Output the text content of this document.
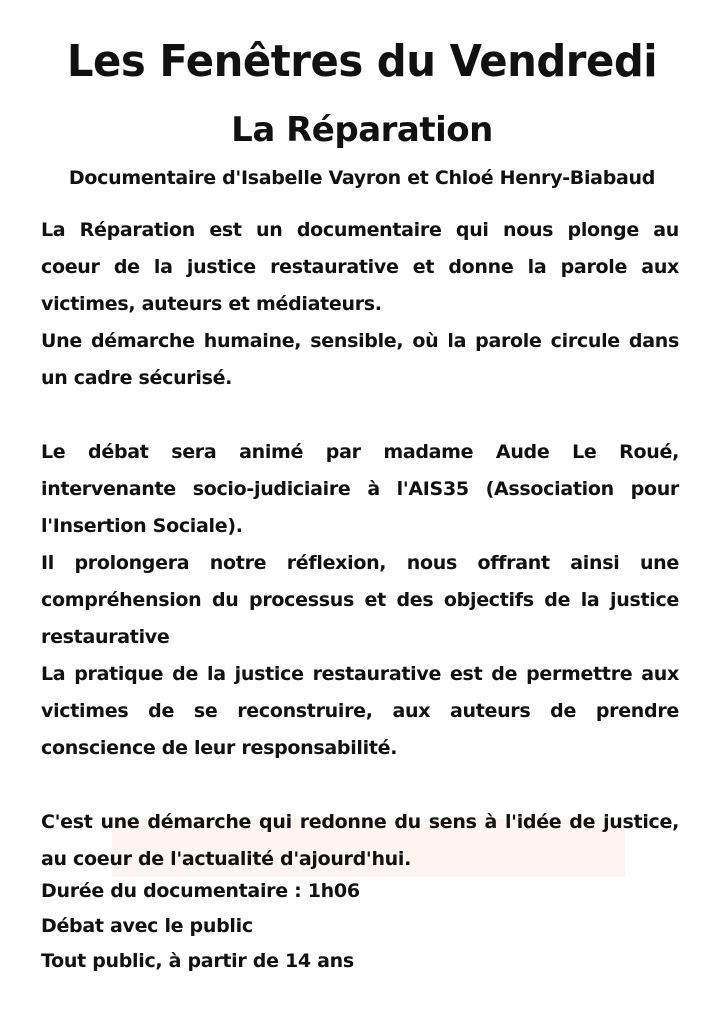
Les Fenêtres du Vendredi
La Réparation
Documentaire d'Isabelle Vayron et Chloé Henry-Biabaud

La Réparation est un documentaire qui nous plonge au coeur de la justice restaurative et donne la parole aux victimes, auteurs et médiateurs.

Une démarche humaine, sensible, où la parole circule dans un cadre sécurisé.

Le débat sera animé par madame Aude Le Roué, intervenante socio-judiciaire à l'AIS35 (Association pour l'Insertion Sociale).

Il prolongera notre réflexion, nous offrant ainsi une compréhension du processus et des objectifs de la justice restaurative

La pratique de la justice restaurative est de permettre aux victimes de se reconstruire, aux auteurs de prendre conscience de leur responsabilité.

C'est une démarche qui redonne du sens à l'idée de justice, au coeur de l'actualité d'ajourd'hui.

Durée du documentaire : 1h06
Débat avec le public
Tout public, à partir de 14 ans
